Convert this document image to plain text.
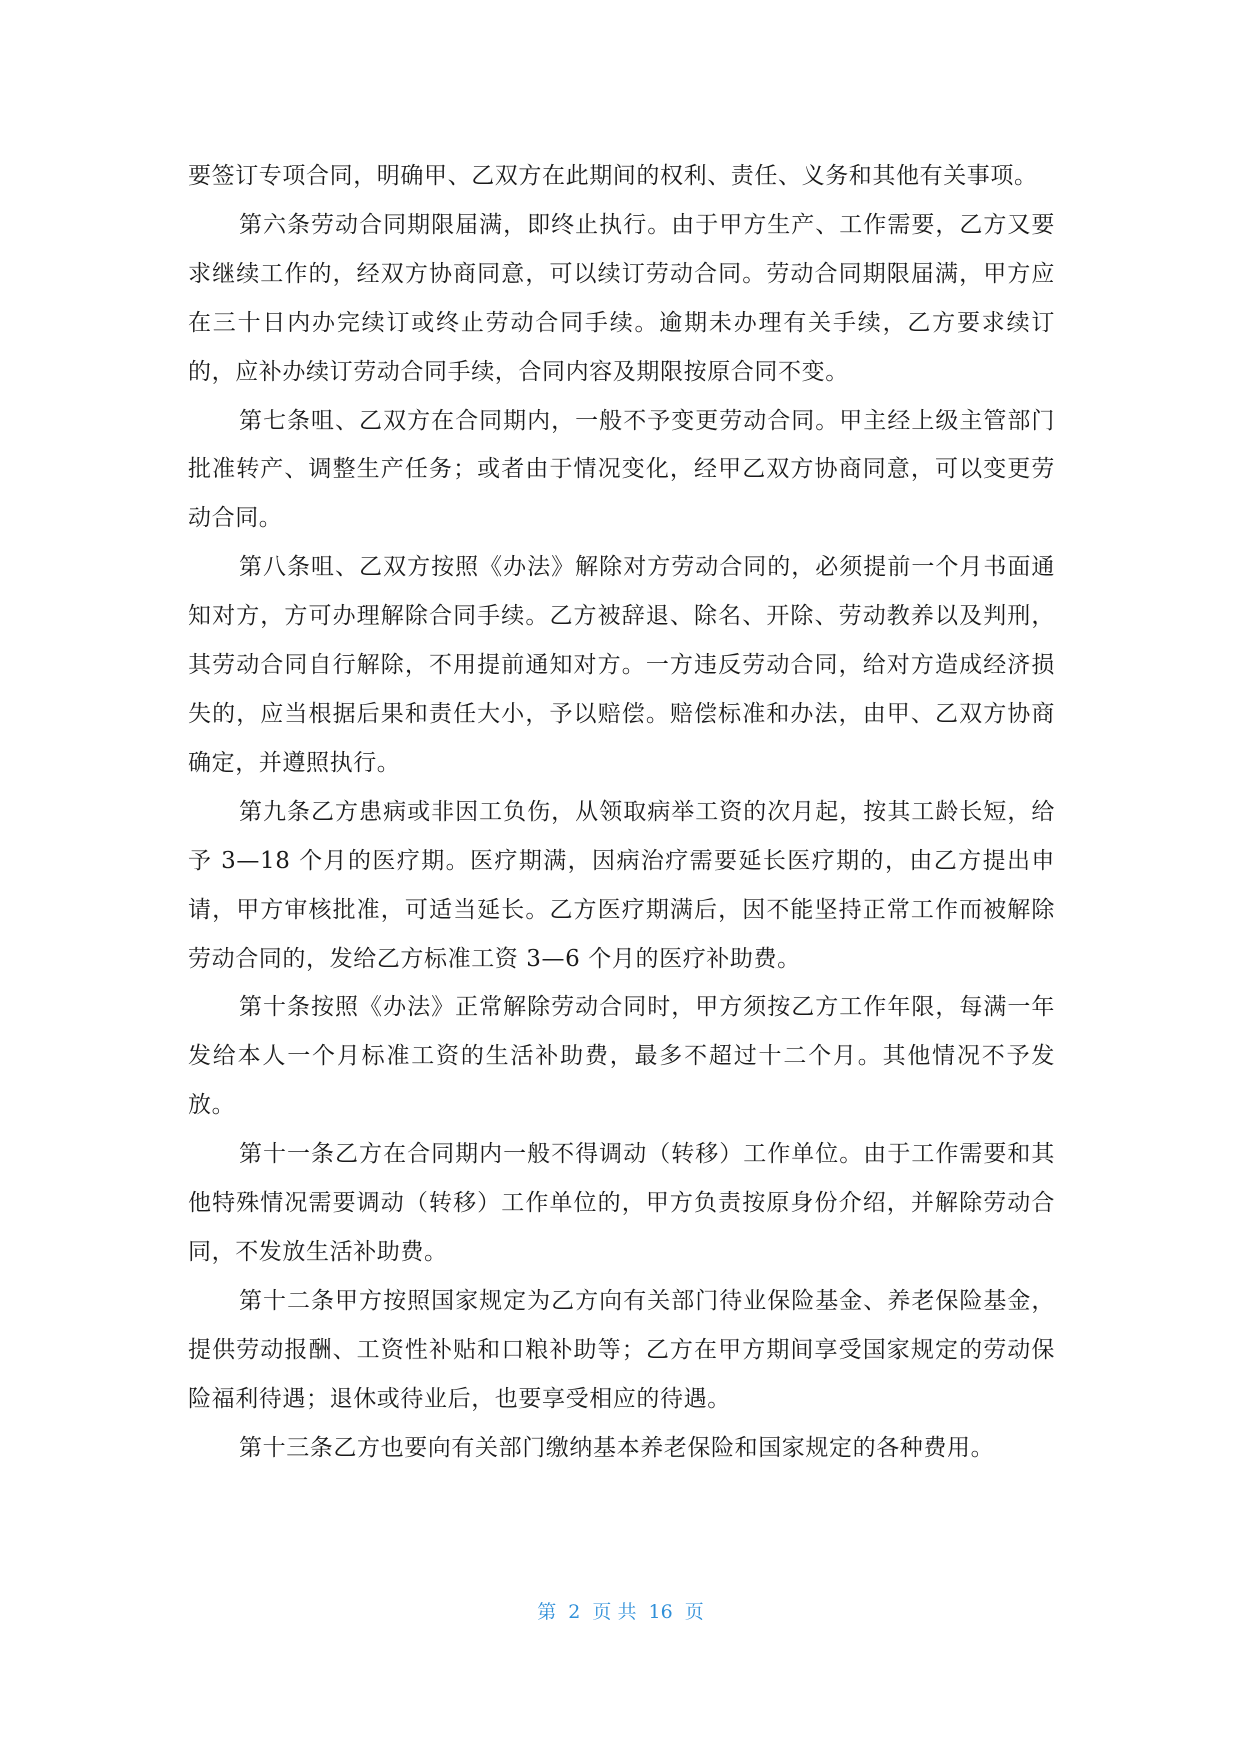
要签订专项合同，明确甲、乙双方在此期间的权利、责任、义务和其他有关事项。

第六条劳动合同期限届满，即终止执行。由于甲方生产、工作需要，乙方又要求继续工作的，经双方协商同意，可以续订劳动合同。劳动合同期限届满，甲方应在三十日内办完续订或终止劳动合同手续。逾期未办理有关手续，乙方要求续订的，应补办续订劳动合同手续，合同内容及期限按原合同不变。

第七条咀、乙双方在合同期内，一般不予变更劳动合同。甲主经上级主管部门批准转产、调整生产任务；或者由于情况变化，经甲乙双方协商同意，可以变更劳动合同。

第八条咀、乙双方按照《办法》解除对方劳动合同的，必须提前一个月书面通知对方，方可办理解除合同手续。乙方被辞退、除名、开除、劳动教养以及判刑，其劳动合同自行解除，不用提前通知对方。一方违反劳动合同，给对方造成经济损失的，应当根据后果和责任大小，予以赔偿。赔偿标准和办法，由甲、乙双方协商确定，并遵照执行。

第九条乙方患病或非因工负伤，从领取病举工资的次月起，按其工龄长短，给予 3—18 个月的医疗期。医疗期满，因病治疗需要延长医疗期的，由乙方提出申请，甲方审核批准，可适当延长。乙方医疗期满后，因不能坚持正常工作而被解除劳动合同的，发给乙方标准工资 3—6 个月的医疗补助费。

第十条按照《办法》正常解除劳动合同时，甲方须按乙方工作年限，每满一年发给本人一个月标准工资的生活补助费，最多不超过十二个月。其他情况不予发放。

第十一条乙方在合同期内一般不得调动（转移）工作单位。由于工作需要和其他特殊情况需要调动（转移）工作单位的，甲方负责按原身份介绍，并解除劳动合同，不发放生活补助费。

第十二条甲方按照国家规定为乙方向有关部门待业保险基金、养老保险基金，提供劳动报酬、工资性补贴和口粮补助等；乙方在甲方期间享受国家规定的劳动保险福利待遇；退休或待业后，也要享受相应的待遇。

第十三条乙方也要向有关部门缴纳基本养老保险和国家规定的各种费用。

第  2  页 共  16  页
